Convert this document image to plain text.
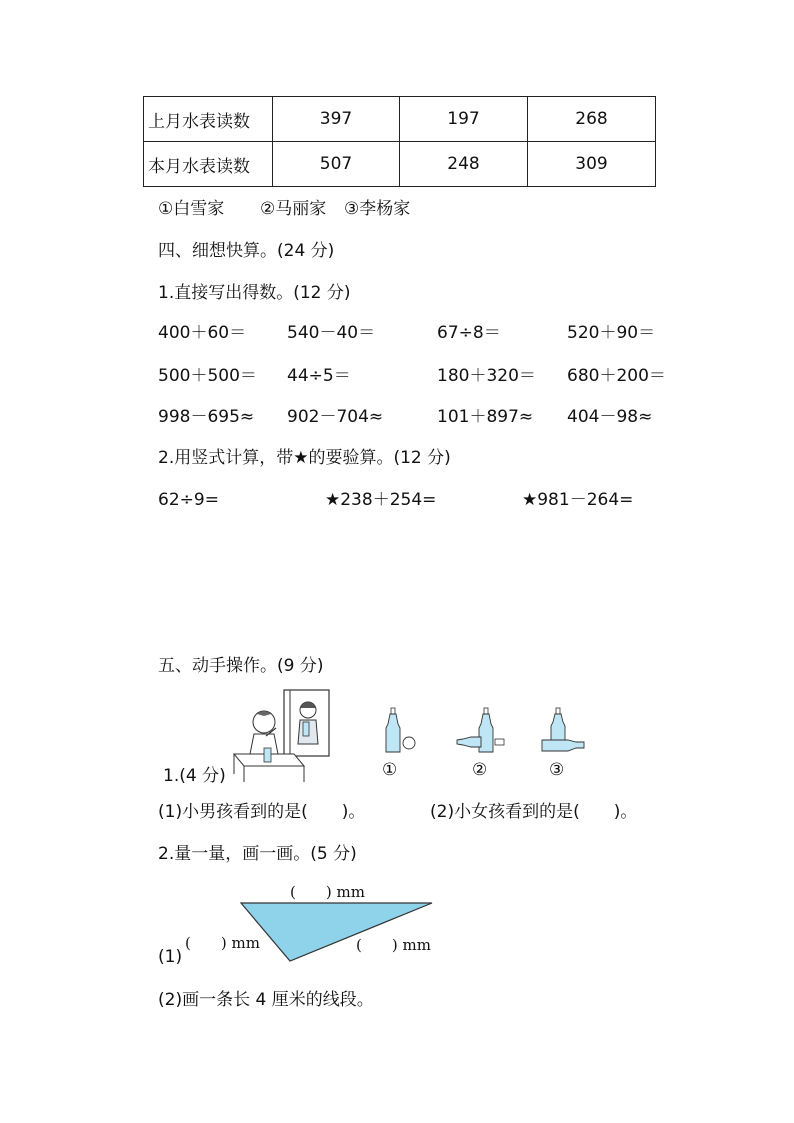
上月水表读数	397	197	268
本月水表读数	507	248	309
①白雪家 ②马丽家 ③李杨家
四、细想快算。(24 分)
1.直接写出得数。(12 分)
400＋60＝ 540－40＝	67÷8＝	520＋90＝
500＋500＝ 44÷5＝	180＋320＝ 680＋200＝
998－695≈ 902－704≈	101＋897≈ 404－98≈
2.用竖式计算，带★的要验算。(12 分)
62÷9=	★238＋254=	★981－264=
五、动手操作。(9 分)
1.(4 分)	①	②	③
(1)小男孩看到的是(　　)。	(2)小女孩看到的是(　　)。
2.量一量，画一画。(5 分)
(　　) mm
(　　) mm	(　　) mm
(1)
(2)画一条长 4 厘米的线段。
